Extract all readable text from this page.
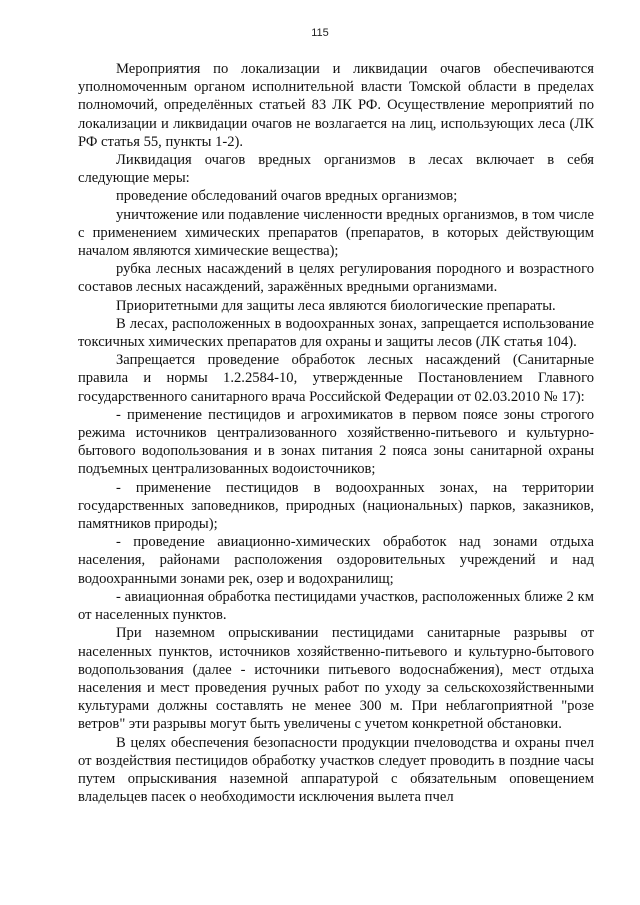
115

Мероприятия по локализации и ликвидации очагов обеспечиваются уполномоченным органом исполнительной власти Томской области в пределах полномочий, определённых статьей 83 ЛК РФ. Осуществление мероприятий по локализации и ликвидации очагов не возлагается на лиц, использующих леса (ЛК РФ статья 55, пункты 1-2).

Ликвидация очагов вредных организмов в лесах включает в себя следующие меры:

проведение обследований очагов вредных организмов;

уничтожение или подавление численности вредных организмов, в том числе с применением химических препаратов (препаратов, в которых действующим началом являются химические вещества);

рубка лесных насаждений в целях регулирования породного и возрастного составов лесных насаждений, заражённых вредными организмами.

Приоритетными для защиты леса являются биологические препараты.

В лесах, расположенных в водоохранных зонах, запрещается использование токсичных химических препаратов для охраны и защиты лесов (ЛК статья 104).

Запрещается проведение обработок лесных насаждений (Санитарные правила и нормы 1.2.2584-10, утвержденные Постановлением Главного государственного санитарного врача Российской Федерации от 02.03.2010 № 17):

- применение пестицидов и агрохимикатов в первом поясе зоны строгого режима источников централизованного хозяйственно-питьевого и культурно-бытового водопользования и в зонах питания 2 пояса зоны санитарной охраны подъемных централизованных водоисточников;

- применение пестицидов в водоохранных зонах, на территории государственных заповедников, природных (национальных) парков, заказников, памятников природы);

- проведение авиационно-химических обработок над зонами отдыха населения, районами расположения оздоровительных учреждений и над водоохранными зонами рек, озер и водохранилищ;

- авиационная обработка пестицидами участков, расположенных ближе 2 км от населенных пунктов.

При наземном опрыскивании пестицидами санитарные разрывы от населенных пунктов, источников хозяйственно-питьевого и культурно-бытового водопользования (далее - источники питьевого водоснабжения), мест отдыха населения и мест проведения ручных работ по уходу за сельскохозяйственными культурами должны составлять не менее 300 м. При неблагоприятной "розе ветров" эти разрывы могут быть увеличены с учетом конкретной обстановки.

В целях обеспечения безопасности продукции пчеловодства и охраны пчел от воздействия пестицидов обработку участков следует проводить в поздние часы путем опрыскивания наземной аппаратурой с обязательным оповещением владельцев пасек о необходимости исключения вылета пчел
